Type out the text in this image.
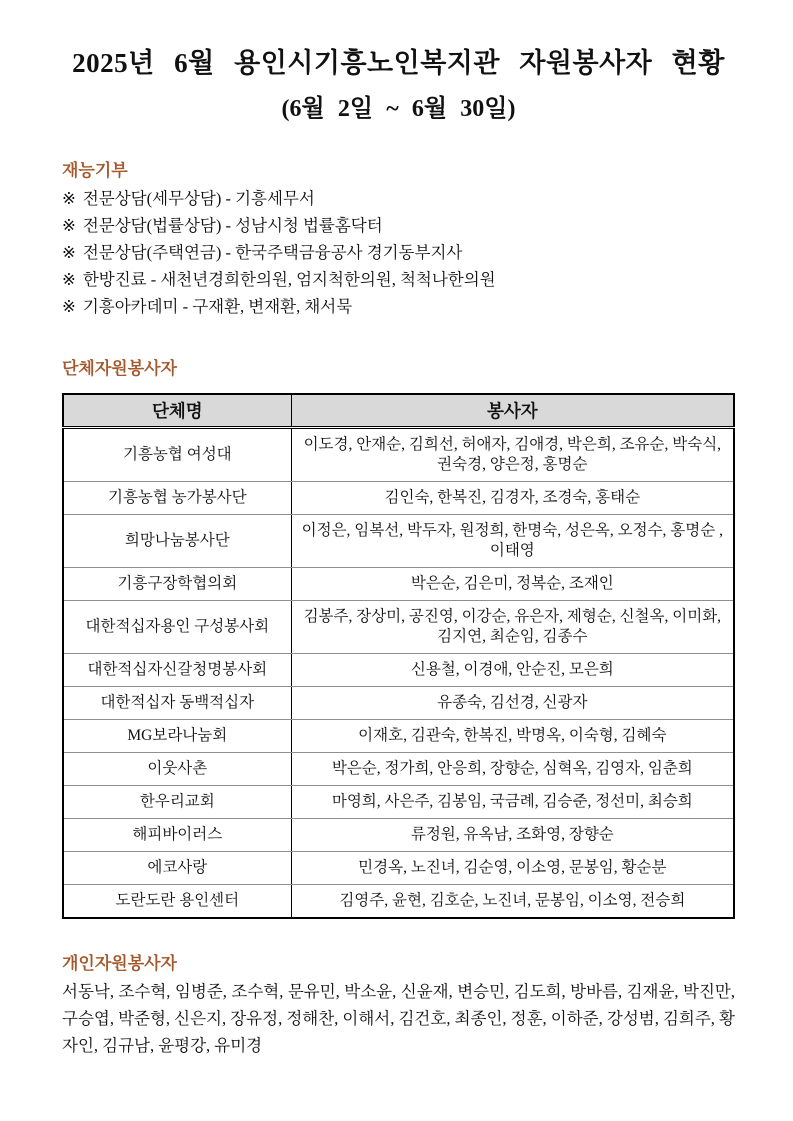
2025년 6월 용인시기흥노인복지관 자원봉사자 현황
(6월 2일 ~ 6월 30일)
재능기부
※ 전문상담(세무상담) - 기흥세무서
※ 전문상담(법률상담) - 성남시청 법률홈닥터
※ 전문상담(주택연금) - 한국주택금융공사 경기동부지사
※ 한방진료 - 새천년경희한의원, 엄지척한의원, 척척나한의원
※ 기흥아카데미 - 구재환, 변재환, 채서묵
단체자원봉사자
단체명	봉사자
기흥농협 여성대	이도경, 안재순, 김희선, 허애자, 김애경, 박은희, 조유순, 박숙식, 권숙경, 양은정, 홍명순
기흥농협 농가봉사단	김인숙, 한복진, 김경자, 조경숙, 홍태순
희망나눔봉사단	이정은, 임복선, 박두자, 원정희, 한명숙, 성은옥, 오정수, 홍명순 , 이태영
기흥구장학협의회	박은순, 김은미, 정복순, 조재인
대한적십자용인 구성봉사회	김봉주, 장상미, 공진영, 이강순, 유은자, 제형순, 신철옥, 이미화, 김지연, 최순임, 김종수
대한적십자신갈청명봉사회	신용철, 이경애, 안순진, 모은희
대한적십자 동백적십자	유종숙, 김선경, 신광자
MG보라나눔회	이재호, 김관숙, 한복진, 박명옥, 이숙형, 김혜숙
이웃사촌	박은순, 정가희, 안응희, 장향순, 심혁옥, 김영자, 임춘희
한우리교회	마영희, 사은주, 김봉임, 국금례, 김승준, 정선미, 최승희
해피바이러스	류정원, 유옥남, 조화영, 장향순
에코사랑	민경옥, 노진녀, 김순영, 이소영, 문봉임, 황순분
도란도란 용인센터	김영주, 윤현, 김호순, 노진녀, 문봉임, 이소영, 전승희
개인자원봉사자

서동낙, 조수혁, 임병준, 조수혁, 문유민, 박소윤, 신윤재, 변승민, 김도희, 방바름, 김재윤, 박진만, 구승엽, 박준형, 신은지, 장유정, 정해찬, 이해서, 김건호, 최종인, 정훈, 이하준, 강성범, 김희주, 황자인, 김규남, 윤평강, 유미경
